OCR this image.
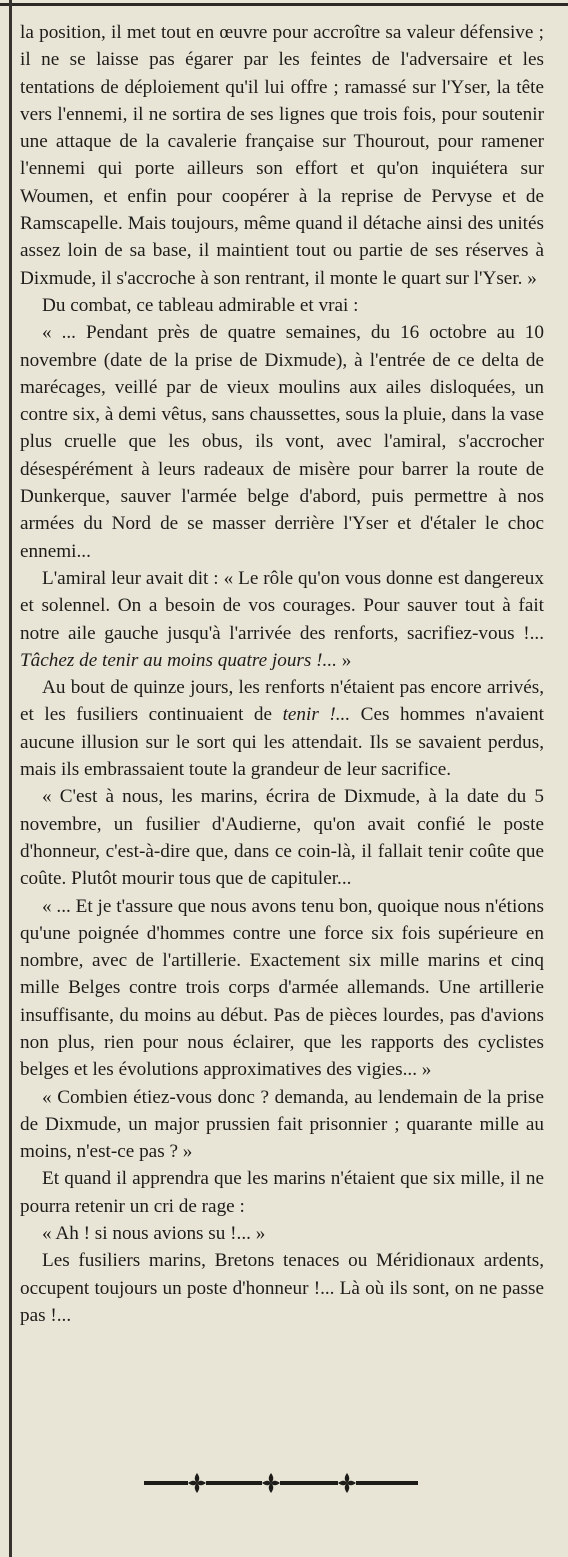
la position, il met tout en œuvre pour accroître sa valeur défensive ; il ne se laisse pas égarer par les feintes de l'adversaire et les tentations de déploiement qu'il lui offre ; ramassé sur l'Yser, la tête vers l'ennemi, il ne sortira de ses lignes que trois fois, pour soutenir une attaque de la cavalerie française sur Thourout, pour ramener l'ennemi qui porte ailleurs son effort et qu'on inquiétera sur Woumen, et enfin pour coopérer à la reprise de Pervyse et de Ramscapelle. Mais toujours, même quand il détache ainsi des unités assez loin de sa base, il maintient tout ou partie de ses réserves à Dixmude, il s'accroche à son rentrant, il monte le quart sur l'Yser. »

Du combat, ce tableau admirable et vrai :

« ... Pendant près de quatre semaines, du 16 octobre au 10 novembre (date de la prise de Dixmude), à l'entrée de ce delta de marécages, veillé par de vieux moulins aux ailes disloquées, un contre six, à demi vêtus, sans chaussettes, sous la pluie, dans la vase plus cruelle que les obus, ils vont, avec l'amiral, s'accrocher désespérément à leurs radeaux de misère pour barrer la route de Dunkerque, sauver l'armée belge d'abord, puis permettre à nos armées du Nord de se masser derrière l'Yser et d'étaler le choc ennemi...

L'amiral leur avait dit : « Le rôle qu'on vous donne est dangereux et solennel. On a besoin de vos courages. Pour sauver tout à fait notre aile gauche jusqu'à l'arrivée des renforts, sacrifiez-vous !... Tâchez de tenir au moins quatre jours !... »

Au bout de quinze jours, les renforts n'étaient pas encore arrivés, et les fusiliers continuaient de tenir !... Ces hommes n'avaient aucune illusion sur le sort qui les attendait. Ils se savaient perdus, mais ils embrassaient toute la grandeur de leur sacrifice.

« C'est à nous, les marins, écrira de Dixmude, à la date du 5 novembre, un fusilier d'Audierne, qu'on avait confié le poste d'honneur, c'est-à-dire que, dans ce coin-là, il fallait tenir coûte que coûte. Plutôt mourir tous que de capituler...

« ... Et je t'assure que nous avons tenu bon, quoique nous n'étions qu'une poignée d'hommes contre une force six fois supérieure en nombre, avec de l'artillerie. Exactement six mille marins et cinq mille Belges contre trois corps d'armée allemands. Une artillerie insuffisante, du moins au début. Pas de pièces lourdes, pas d'avions non plus, rien pour nous éclairer, que les rapports des cyclistes belges et les évolutions approximatives des vigies... »

« Combien étiez-vous donc ? demanda, au lendemain de la prise de Dixmude, un major prussien fait prisonnier ; quarante mille au moins, n'est-ce pas ? »

Et quand il apprendra que les marins n'étaient que six mille, il ne pourra retenir un cri de rage :

« Ah ! si nous avions su !... »

Les fusiliers marins, Bretons tenaces ou Méridionaux ardents, occupent toujours un poste d'honneur !... Là où ils sont, on ne passe pas !...
